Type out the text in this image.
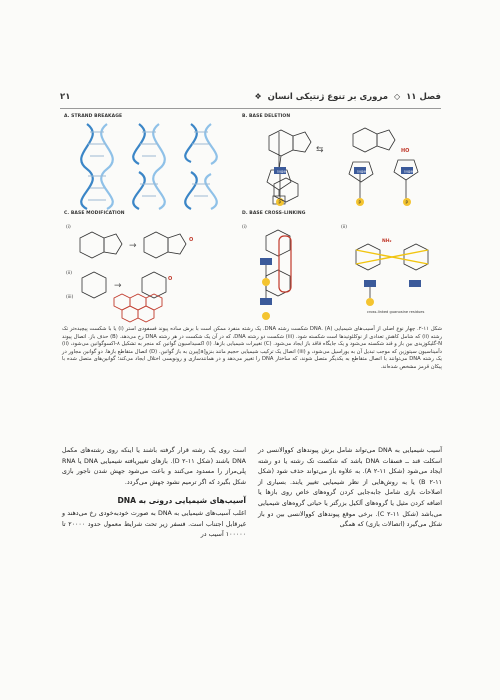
۲۱	فصل ۱۱ ◇ مروری بر تنوع ژنتیکی انسان ❖
A. STRAND BREAKAGE	B. BASE DELETION
C. BASE MODIFICATION	D. BASE CROSS-LINKING
⇆	HO
sugar	sugar	sugar
P	P	P
(i)
→
O
(ii)
→
O
(iii)
(i)	(ii)
NH₂
cross-linked guanosine residues
شکل ۱۱-۲. چهار نوع اصلی از آسیب‌های شیمیایی DNA. (A) شکست رشته DNA. یک رشته منفرد ممکن است با برش ساده پیوند فسفودی استر (i) یا با شکست پیچیده‌تر تک رشته (ii) که شامل کاهش تعدادی از نوکلئوتیدها است شکسته شود. (iii) شکست دو رشته DNA، که در آن یک شکست در هر رشته DNA رخ می‌دهد. (B) حذف باز. اتصال پیوند N-گلیکوزیدی بین باز و قند شکسته می‌شود و یک جایگاه فاقد باز ایجاد می‌شود. (C) تغییرات شیمیایی بازها. (i) اکسیداسیون گوانین که منجر به تشکیل ۸-اکسوگوانین می‌شود، (ii) دآمیناسیون سیتوزین که موجب تبدیل آن به یوراسیل می‌شود، و (iii) اتصال یک ترکیب شیمیایی حجیم مانند بنزو[a]پیرن به باز گوانین. (D) اتصال متقاطع بازها. دو گوانین مجاور در یک رشته DNA می‌توانند با اتصال متقاطع به یکدیگر متصل شوند، که ساختار DNA را تغییر می‌دهد و در همانندسازی و رونویسی اختلال ایجاد می‌کند؛ گوانین‌های متصل شده با پیکان قرمز مشخص شده‌اند.
آسیب شیمیایی به DNA می‌تواند شامل برش پیوندهای کووالانسی در اسکلت قند ــ فسفات DNA باشد که شکست تک رشته یا دو رشته ایجاد می‌شود (شکل ۱۱-۲ A). به علاوه باز می‌تواند حذف شود (شکل ۱۱-۲ B) یا به روش‌هایی از نظر شیمیایی تغییر یابند. بسیاری از اصلاحات بازی شامل جابه‌جایی کردن گروه‌های خاص روی بازها یا اضافه کردن مثیل یا گروه‌های آلکیل بزرگتر یا حیاتی گروه‌های شیمیایی می‌باشد (شکل ۱۱-۲ C). برخی موقع پیوندهای کووالانسی بین دو باز شکل می‌گیرد (اتصالات بازی) که همگی
است روی یک رشته قرار گرفته باشند یا اینکه روی رشته‌های مکمل DNA باشند (شکل ۱۱-۲ D). بازهای تغییریافته شیمیایی DNA یا RNA پلی‌مراز را مسدود می‌کنند و باعث می‌شود جهش شدن ناجور بازی شکل بگیرد که اگر ترمیم نشود جهش می‌گردد.
آسیب‌های شیمیایی درونی به DNA
اغلب آسیب‌های شیمیایی به DNA به صورت خودبه‌خودی رخ می‌دهند و غیرقابل اجتناب است. فسفر زیر تحت شرایط معمول حدود ۲۰۰۰۰ تا ۱۰۰۰۰۰ آسیب در
